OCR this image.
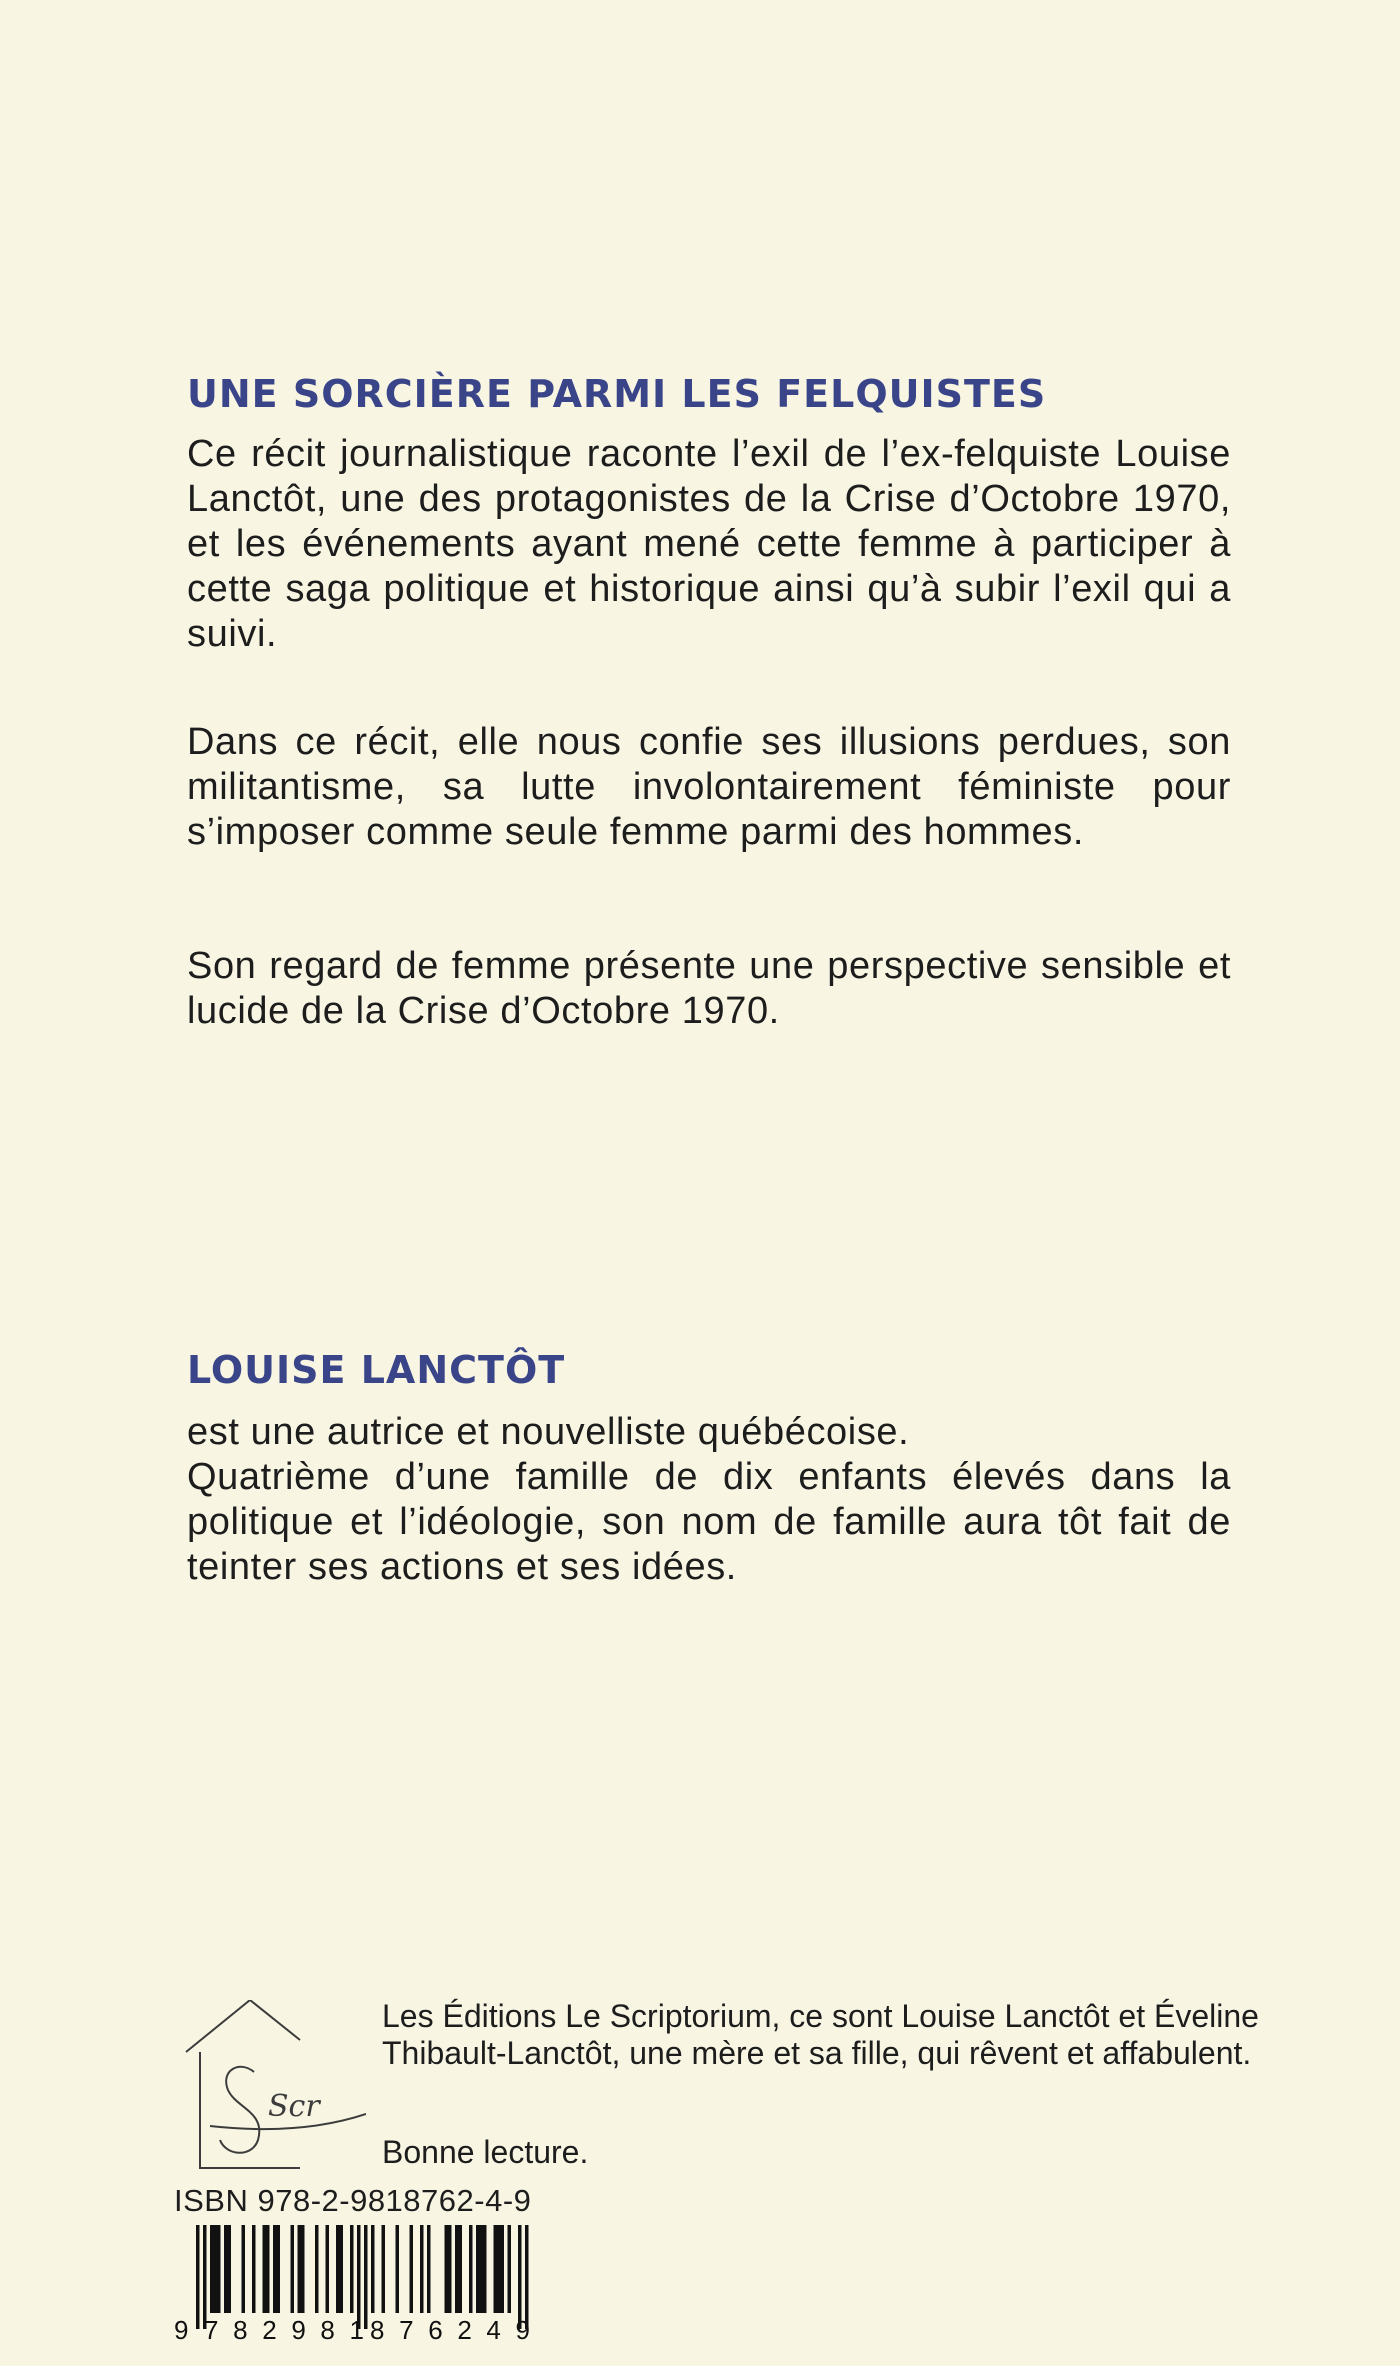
UNE SORCIÈRE PARMI LES FELQUISTES

Ce récit journalistique raconte l’exil de l’ex-felquiste Louise Lanctôt, une des protagonistes de la Crise d’Octobre 1970, et les événements ayant mené cette femme à participer à cette saga politique et historique ainsi qu’à subir l’exil qui a suivi.

Dans ce récit, elle nous confie ses illusions perdues, son militantisme, sa lutte involontairement féministe pour s’imposer comme seule femme parmi des hommes.

Son regard de femme présente une perspective sensible et lucide de la Crise d’Octobre 1970.

LOUISE LANCTÔT

est une autrice et nouvelliste québécoise.

Quatrième d’une famille de dix enfants élevés dans la politique et l’idéologie, son nom de famille aura tôt fait de teinter ses actions et ses idées.

Scr

Les Éditions Le Scriptorium, ce sont Louise Lanctôt et Éveline Thibault-Lanctôt, une mère et sa fille, qui rêvent et affabulent.

Bonne lecture.

ISBN 978-2-9818762-4-9

9 782981 876249
